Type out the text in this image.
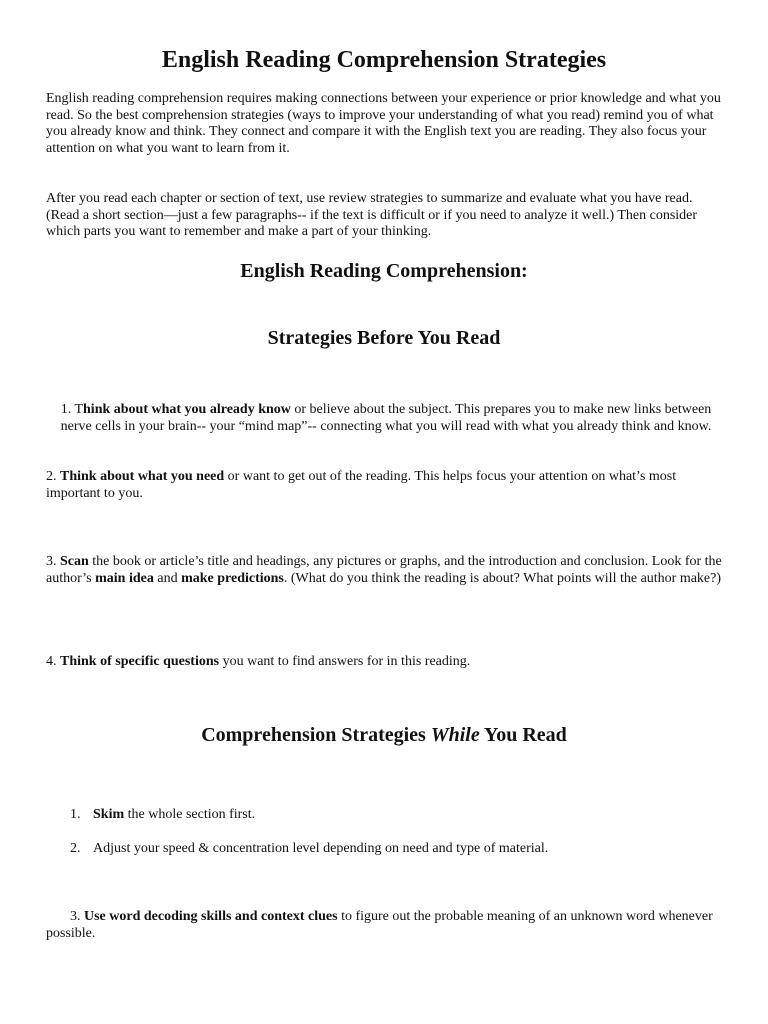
English Reading Comprehension Strategies

English reading comprehension requires making connections between your experience or prior knowledge and what you read. So the best comprehension strategies (ways to improve your understanding of what you read) remind you of what you already know and think. They connect and compare it with the English text you are reading. They also focus your attention on what you want to learn from it.

After you read each chapter or section of text, use review strategies to summarize and evaluate what you have read. (Read a short section—just a few paragraphs-- if the text is difficult or if you need to analyze it well.) Then consider which parts you want to remember and make a part of your thinking.

English Reading Comprehension:
Strategies Before You Read

1. Think about what you already know or believe about the subject. This prepares you to make new links between nerve cells in your brain-- your “mind map”-- connecting what you will read with what you already think and know.

2. Think about what you need or want to get out of the reading. This helps focus your attention on what’s most important to you.

3. Scan the book or article’s title and headings, any pictures or graphs, and the introduction and conclusion. Look for the author’s main idea and make predictions. (What do you think the reading is about? What points will the author make?)

4. Think of specific questions you want to find answers for in this reading.

Comprehension Strategies While You Read
1. Skim the whole section first.
2. Adjust your speed & concentration level depending on need and type of material.

3. Use word decoding skills and context clues to figure out the probable meaning of an unknown word whenever possible.
